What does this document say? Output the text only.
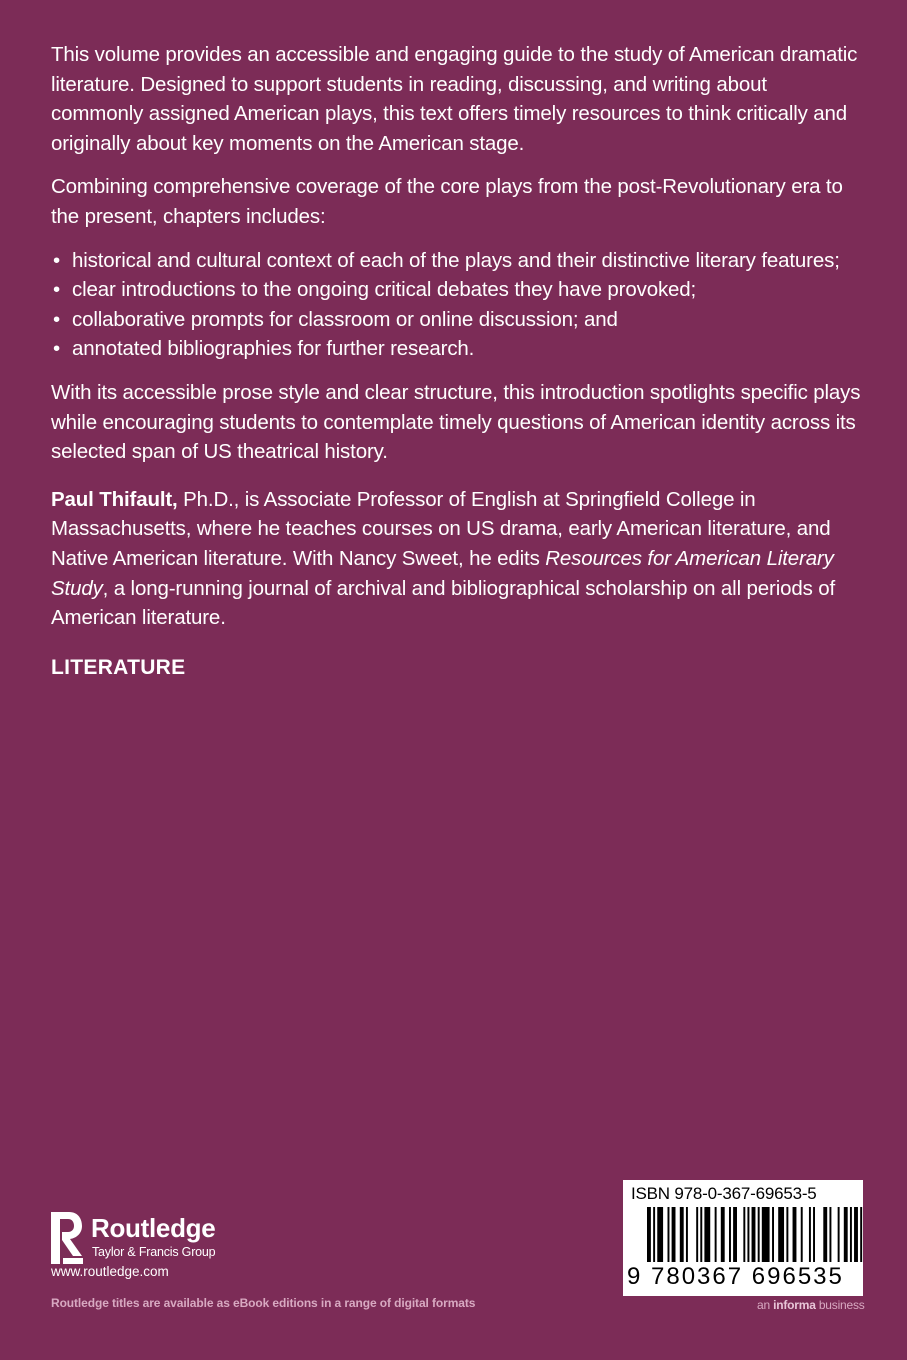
This volume provides an accessible and engaging guide to the study of American dramatic literature. Designed to support students in reading, discussing, and writing about commonly assigned American plays, this text offers timely resources to think critically and originally about key moments on the American stage.

Combining comprehensive coverage of the core plays from the post-Revolutionary era to the present, chapters includes:

• historical and cultural context of each of the plays and their distinctive literary features;
• clear introductions to the ongoing critical debates they have provoked;
• collaborative prompts for classroom or online discussion; and
• annotated bibliographies for further research.

With its accessible prose style and clear structure, this introduction spotlights specific plays while encouraging students to contemplate timely questions of American identity across its selected span of US theatrical history.

Paul Thifault, Ph.D., is Associate Professor of English at Springfield College in Massachusetts, where he teaches courses on US drama, early American literature, and Native American literature. With Nancy Sweet, he edits Resources for American Literary Study, a long-running journal of archival and bibliographical scholarship on all periods of American literature.

LITERATURE
Routledge
Taylor & Francis Group
www.routledge.com
Routledge titles are available as eBook editions in a range of digital formats
ISBN 978-0-367-69653-5
9 780367 696535
an informa business
